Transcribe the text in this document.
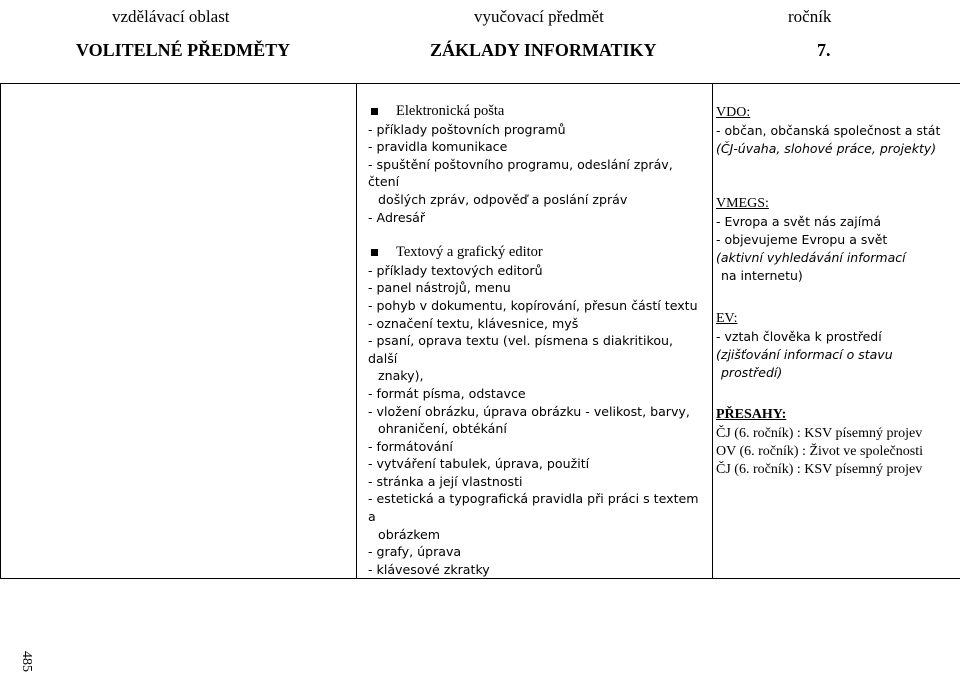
vzdělávací oblast	vyučovací předmět	ročník
VOLITELNÉ PŘEDMĚTY	ZÁKLADY INFORMATIKY	7.

Elektronická pošta
- příklady poštovních programů
- pravidla komunikace
- spuštění poštovního programu, odeslání zpráv, čtení
došlých zpráv, odpověď a poslání zpráv
- Adresář
Textový a grafický editor
- příklady textových editorů
- panel nástrojů, menu
- pohyb v dokumentu, kopírování, přesun částí textu
- označení textu, klávesnice, myš
- psaní, oprava textu (vel. písmena s diakritikou, další
znaky),
- formát písma, odstavce
- vložení obrázku, úprava obrázku - velikost, barvy,
ohraničení, obtékání
- formátování
- vytváření tabulek, úprava, použití
- stránka a její vlastnosti
- estetická a typografická pravidla při práci s textem a
obrázkem
- grafy, úprava
- klávesové zkratky

VDO:
- občan, občanská společnost a stát
(ČJ-úvaha, slohové práce, projekty)
VMEGS:
- Evropa a svět nás zajímá
- objevujeme Evropu a svět
(aktivní vyhledávání informací
na internetu)
EV:
- vztah člověka k prostředí
(zjišťování informací o stavu
prostředí)
PŘESAHY:
ČJ (6. ročník) : KSV písemný projev
OV (6. ročník) : Život ve společnosti
ČJ (6. ročník) : KSV písemný projev
485
